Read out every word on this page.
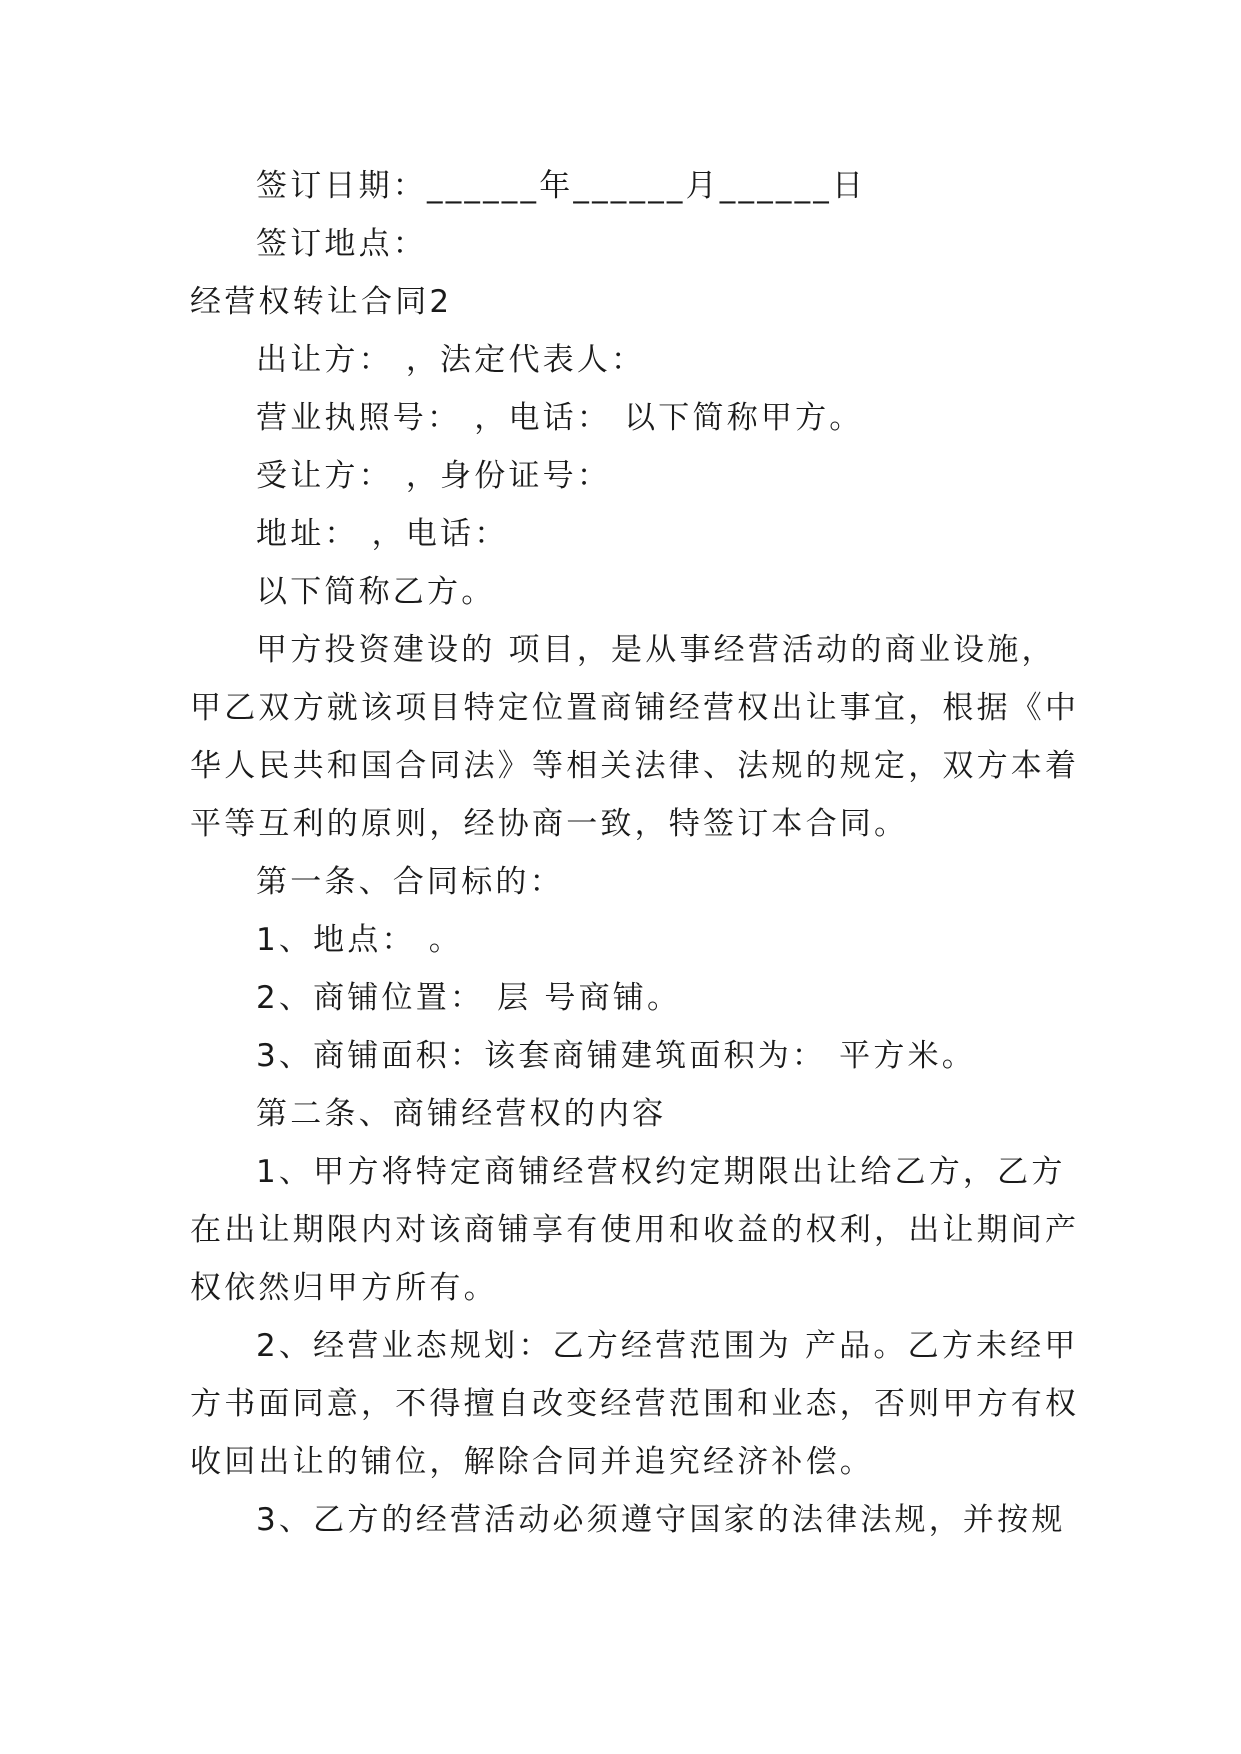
签订日期：______年______月______日
签订地点：
经营权转让合同2
出让方： ，法定代表人：
营业执照号： ，电话： 以下简称甲方。
受让方： ，身份证号：
地址： ，电话：
以下简称乙方。
甲方投资建设的 项目，是从事经营活动的商业设施，
甲乙双方就该项目特定位置商铺经营权出让事宜，根据《中
华人民共和国合同法》等相关法律、法规的规定，双方本着
平等互利的原则，经协商一致，特签订本合同。
第一条、合同标的：
1、地点： 。
2、商铺位置： 层 号商铺。
3、商铺面积：该套商铺建筑面积为： 平方米。
第二条、商铺经营权的内容
1、甲方将特定商铺经营权约定期限出让给乙方，乙方
在出让期限内对该商铺享有使用和收益的权利，出让期间产
权依然归甲方所有。
2、经营业态规划：乙方经营范围为 产品。乙方未经甲
方书面同意，不得擅自改变经营范围和业态，否则甲方有权
收回出让的铺位，解除合同并追究经济补偿。
3、乙方的经营活动必须遵守国家的法律法规，并按规
